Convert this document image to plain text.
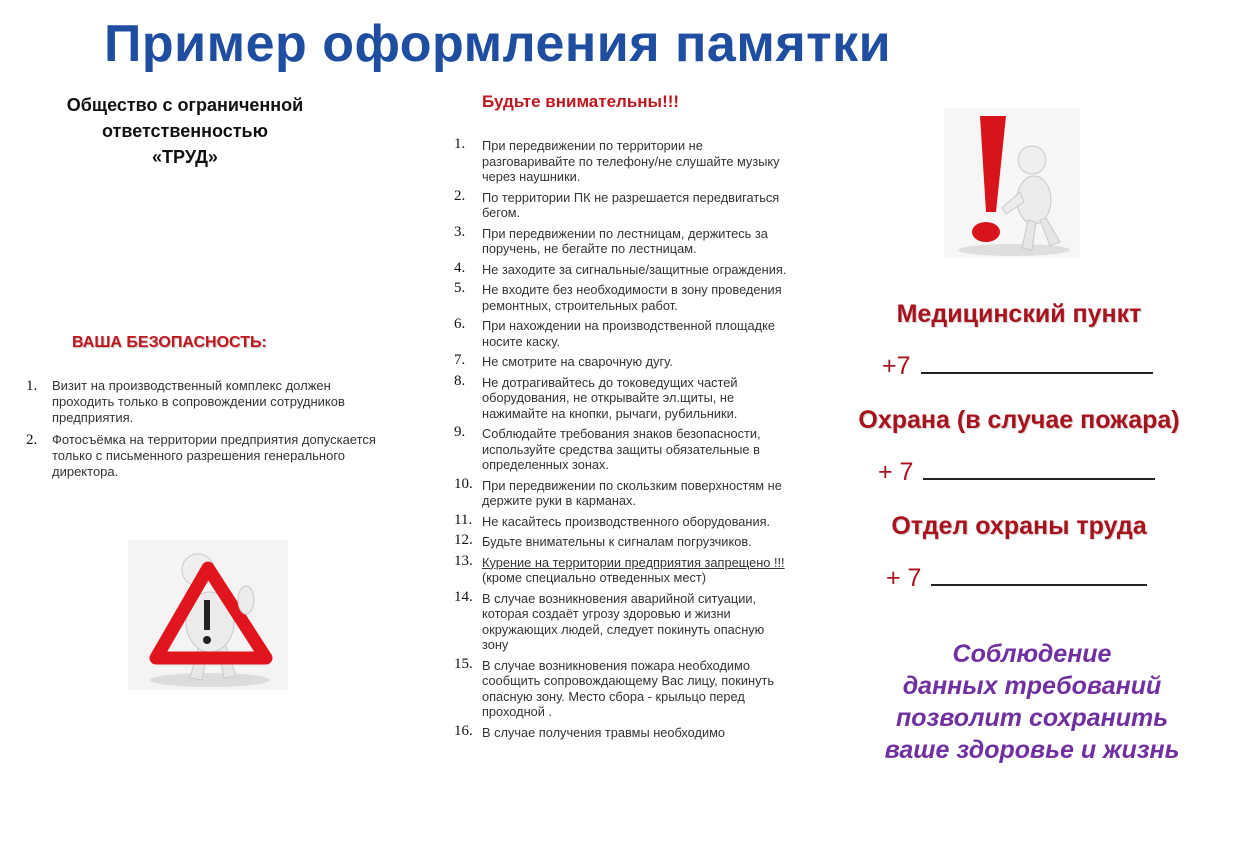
Пример оформления памятки
Общество с ограниченной
ответственностью
«ТРУД»
ВАША БЕЗОПАСНОСТЬ:
1. Визит на производственный комплекс должен проходить только в сопровождении сотрудников предприятия.
2. Фотосъёмка на территории предприятия допускается только с письменного разрешения генерального директора.
Будьте внимательны!!!
1. При передвижении по территории не разговаривайте по телефону/не слушайте музыку через наушники.
2. По территории ПК не разрешается передвигаться бегом.
3. При передвижении по лестницам, держитесь за поручень, не бегайте по лестницам.
4. Не заходите за сигнальные/защитные ограждения.
5. Не входите без необходимости в зону проведения ремонтных, строительных работ.
6. При нахождении на производственной площадке носите каску.
7. Не смотрите на сварочную дугу.
8. Не дотрагивайтесь до токоведущих частей оборудования, не открывайте эл.щиты, не нажимайте на кнопки, рычаги, рубильники.
9. Соблюдайте требования знаков безопасности, используйте средства защиты обязательные в определенных зонах.
10. При передвижении по скользким поверхностям не держите руки в карманах.
11. Не касайтесь производственного оборудования.
12. Будьте внимательны к сигналам погрузчиков.
13. Курение на территории предприятия запрещено !!! (кроме специально отведенных мест)
14. В случае возникновения аварийной ситуации, которая создаёт угрозу здоровью и жизни окружающих людей, следует покинуть опасную зону
15. В случае возникновения пожара необходимо сообщить сопровождающему Вас лицу, покинуть опасную зону. Место сбора - крыльцо перед проходной .
16. В случае получения травмы необходимо
Медицинский пункт
+7
Охрана (в случае пожара)
+ 7
Отдел охраны труда
+ 7
Соблюдение
данных требований
позволит сохранить
ваше здоровье и жизнь
